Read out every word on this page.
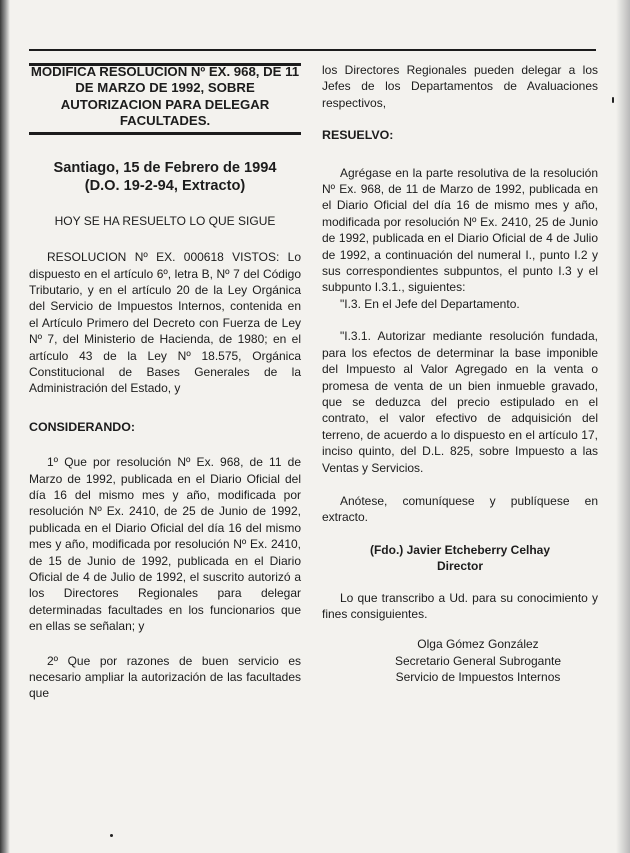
MODIFICA RESOLUCION Nº EX. 968, DE 11 DE MARZO DE 1992, SOBRE AUTORIZACION PARA DELEGAR FACULTADES.

Santiago, 15 de Febrero de 1994

(D.O. 19-2-94, Extracto)

HOY SE HA RESUELTO LO QUE SIGUE

RESOLUCION Nº EX. 000618 VISTOS: Lo dispuesto en el artículo 6º, letra B, Nº 7 del Código Tributario, y en el artículo 20 de la Ley Orgánica del Servicio de Impuestos Internos, contenida en el Artículo Primero del Decreto con Fuerza de Ley Nº 7, del Ministerio de Hacienda, de 1980; en el artículo 43 de la Ley Nº 18.575, Orgánica Constitucional de Bases Generales de la Administración del Estado, y

CONSIDERANDO:

1º Que por resolución Nº Ex. 968, de 11 de Marzo de 1992, publicada en el Diario Oficial del día 16 del mismo mes y año, modificada por resolución Nº Ex. 2410, de 25 de Junio de 1992, publicada en el Diario Oficial del día 16 del mismo mes y año, modificada por resolución Nº Ex. 2410, de 15 de Junio de 1992, publicada en el Diario Oficial de 4 de Julio de 1992, el suscrito autorizó a los Directores Regionales para delegar determinadas facultades en los funcionarios que en ellas se señalan; y

2º Que por razones de buen servicio es necesario ampliar la autorización de las facultades que

los Directores Regionales pueden delegar a los Jefes de los Departamentos de Avaluaciones respectivos,

RESUELVO:

Agrégase en la parte resolutiva de la resolución Nº Ex. 968, de 11 de Marzo de 1992, publicada en el Diario Oficial del día 16 de mismo mes y año, modificada por resolución Nº Ex. 2410, 25 de Junio de 1992, publicada en el Diario Oficial de 4 de Julio de 1992, a continuación del numeral I., punto I.2 y sus correspondientes subpuntos, el punto I.3 y el subpunto I.3.1., siguientes:

"I.3. En el Jefe del Departamento.

"I.3.1. Autorizar mediante resolución fundada, para los efectos de determinar la base imponible del Impuesto al Valor Agregado en la venta o promesa de venta de un bien inmueble gravado, que se deduzca del precio estipulado en el contrato, el valor efectivo de adquisición del terreno, de acuerdo a lo dispuesto en el artículo 17, inciso quinto, del D.L. 825, sobre Impuesto a las Ventas y Servicios.

Anótese, comuníquese y publíquese en extracto.

(Fdo.) Javier Etcheberry Celhay

Director

Lo que transcribo a Ud. para su conocimiento y fines consiguientes.

Olga Gómez González

Secretario General Subrogante

Servicio de Impuestos Internos
